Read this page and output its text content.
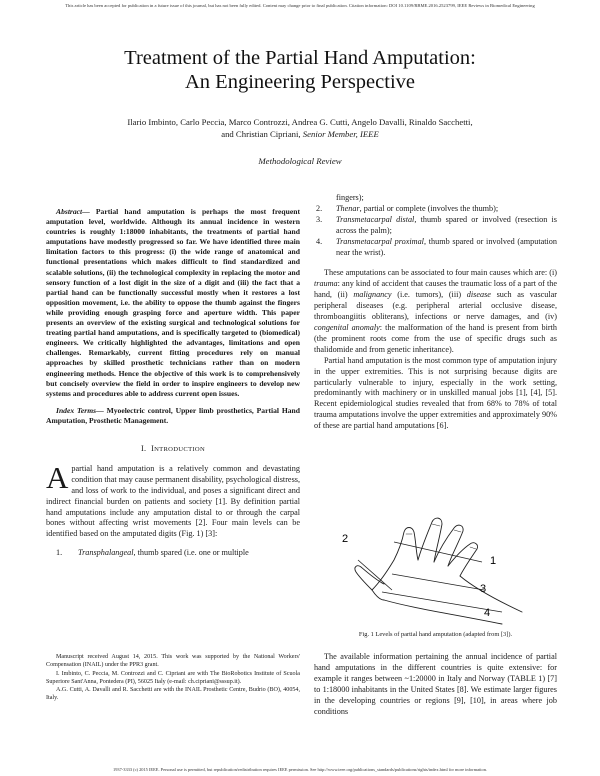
This article has been accepted for publication in a future issue of this journal, but has not been fully edited. Content may change prior to final publication. Citation information: DOI 10.1109/RBME.2016.2523799, IEEE Reviews in Biomedical Engineering
Treatment of the Partial Hand Amputation:
An Engineering Perspective
Ilario Imbinto, Carlo Peccia, Marco Controzzi, Andrea G. Cutti, Angelo Davalli, Rinaldo Sacchetti,
and Christian Cipriani, Senior Member, IEEE
Methodological Review

Abstract— Partial hand amputation is perhaps the most frequent amputation level, worldwide. Although its annual incidence in western countries is roughly 1:18000 inhabitants, the treatments of partial hand amputations have modestly progressed so far. We have identified three main limitation factors to this progress: (i) the wide range of anatomical and functional presentations which makes difficult to find standardized and scalable solutions, (ii) the technological complexity in replacing the motor and sensory function of a lost digit in the size of a digit and (iii) the fact that a partial hand can be functionally successful mostly when it restores a lost opposition movement, i.e. the ability to oppose the thumb against the fingers while providing enough grasping force and aperture width. This paper presents an overview of the existing surgical and technological solutions for treating partial hand amputations, and is specifically targeted to (biomedical) engineers. We critically highlighted the advantages, limitations and open challenges. Remarkably, current fitting procedures rely on manual approaches by skilled prosthetic technicians rather than on modern engineering methods. Hence the objective of this work is to comprehensively but concisely overview the field in order to inspire engineers to develop new systems and procedures able to address current open issues.

Index Terms— Myoelectric control, Upper limb prosthetics, Partial Hand Amputation, Prosthetic Management.

I. INTRODUCTION

Apartial hand amputation is a relatively common and devastating condition that may cause permanent disability, psychological distress, and loss of work to the individual, and poses a significant direct and indirect financial burden on patients and society [1]. By definition partial hand amputations include any amputation distal to or through the carpal bones without affecting wrist movements [2]. Four main levels can be identified based on the amputated digits (Fig. 1) [3]:

1.	Transphalangeal, thumb spared (i.e. one or multiple

Manuscript received August 14, 2015. This work was supported by the National Workers' Compensation (INAIL) under the PPR3 grant.

I. Imbinto, C. Peccia, M. Controzzi and C. Cipriani are with The BioRobotics Institute of Scuola Superiore Sant'Anna, Pontedera (PI), 56025 Italy (e-mail: ch.cipriani@sssup.it).

A.G. Cutti, A. Davalli and R. Sacchetti are with the INAIL Prosthetic Centre, Budrio (BO), 40054, Italy.

fingers);
2.	Thenar, partial or complete (involves the thumb);
3.	Transmetacarpal distal, thumb spared or involved (resection is across the palm);
4.	Transmetacarpal proximal, thumb spared or involved (amputation near the wrist).

These amputations can be associated to four main causes which are: (i) trauma: any kind of accident that causes the traumatic loss of a part of the hand, (ii) malignancy (i.e. tumors), (iii) disease such as vascular peripheral diseases (e.g. peripheral arterial occlusive disease, thromboangiitis obliterans), infections or nerve damages, and (iv) congenital anomaly: the malformation of the hand is present from birth (the prominent roots come from the use of specific drugs such as thalidomide and from genetic inheritance).

Partial hand amputation is the most common type of amputation injury in the upper extremities. This is not surprising because digits are particularly vulnerable to injury, especially in the work setting, predominantly with machinery or in unskilled manual jobs [1], [4], [5]. Recent epidemiological studies revealed that from 68% to 78% of total trauma amputations involve the upper extremities and approximately 90% of these are partial hand amputations [6].

2
1
3
4
Fig. 1 Levels of partial hand amputation (adapted from [3]).

The available information pertaining the annual incidence of partial hand amputations in the different countries is quite extensive: for example it ranges between ~1:20000 in Italy and Norway (TABLE 1) [7] to 1:18000 inhabitants in the United States [8]. We estimate larger figures in the developing countries or regions [9], [10], in areas where job conditions

1937-3333 (c) 2015 IEEE. Personal use is permitted, but republication/redistribution requires IEEE permission. See http://www.ieee.org/publications_standards/publications/rights/index.html for more information.
